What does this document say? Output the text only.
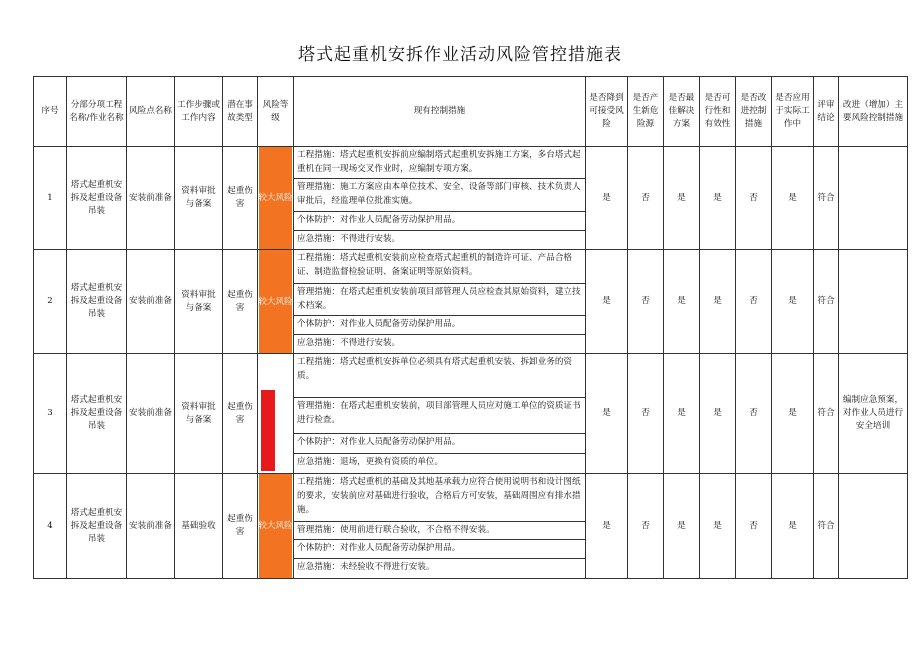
塔式起重机安拆作业活动风险管控措施表
序号	分部分项工程名称/作业名称	风险点名称	工作步骤或工作内容	潜在事故类型	风险等级	现有控制措施	是否降到可接受风险	是否产生新危险源	是否最佳解决方案	是否可行性和有效性	是否改进控制措施	是否应用于实际工作中	评审结论	改进（增加）主要风险控制措施
1	塔式起重机安拆及起重设备吊装	安装前准备	资料审批与备案	起重伤害	较大风险	工程措施：塔式起重机安拆前应编制塔式起重机安拆施工方案，多台塔式起重机在同一现场交叉作业时，应编制专项方案。
管理措施：施工方案应由本单位技术、安全、设备等部门审核、技术负责人审批后，经监理单位批准实施。
个体防护：对作业人员配备劳动保护用品。
应急措施：不得进行安装。	是	否	是	是	否	是	符合	
2	塔式起重机安拆及起重设备吊装	安装前准备	资料审批与备案	起重伤害	较大风险	工程措施：塔式起重机安装前应检查塔式起重机的制造许可证、产品合格证、制造监督检验证明、备案证明等原始资料。
管理措施：在塔式起重机安装前项目部管理人员应检查其原始资料，建立技术档案。
个体防护：对作业人员配备劳动保护用品。
应急措施：不得进行安装。	是	否	是	是	否	是	符合	
3	塔式起重机安拆及起重设备吊装	安装前准备	资料审批与备案	起重伤害		工程措施：塔式起重机安拆单位必须具有塔式起重机安装、拆卸业务的资质。
管理措施：在塔式起重机安装前，项目部管理人员应对施工单位的资质证书进行检查。
个体防护：对作业人员配备劳动保护用品。
应急措施：退场，更换有资质的单位。	是	否	是	是	否	是	符合	编制应急预案，对作业人员进行安全培训
4	塔式起重机安拆及起重设备吊装	安装前准备	基础验收	起重伤害	较大风险	工程措施：塔式起重机的基础及其地基承载力应符合使用说明书和设计图纸的要求，安装前应对基础进行验收，合格后方可安装，基础周围应有排水措施。
管理措施：使用前进行联合验收，不合格不得安装。
个体防护：对作业人员配备劳动保护用品。
应急措施：未经验收不得进行安装。	是	否	是	是	否	是	符合	
